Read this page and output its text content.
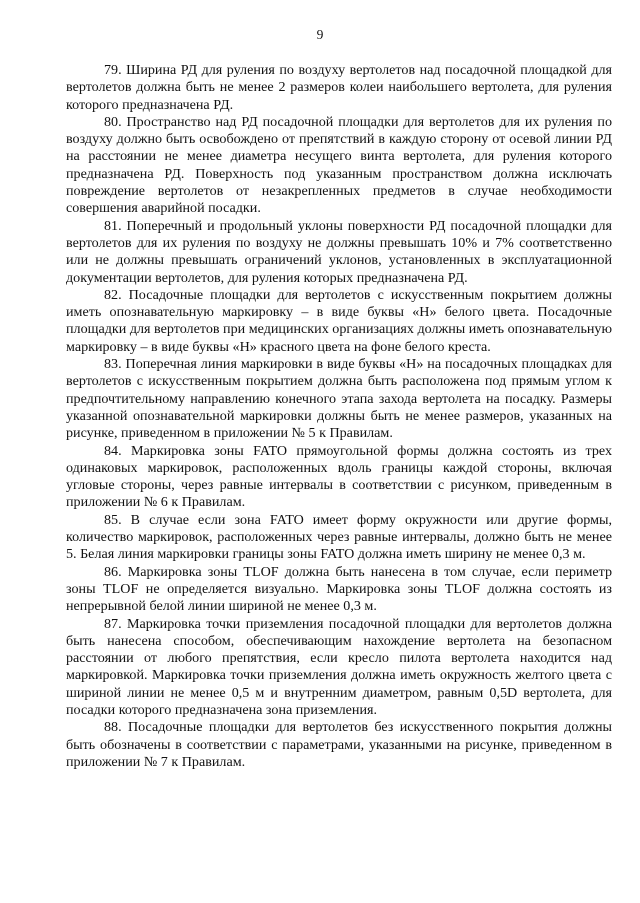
9

79. Ширина РД для руления по воздуху вертолетов над посадочной площадкой для вертолетов должна быть не менее 2 размеров колеи наибольшего вертолета, для руления которого предназначена РД.

80. Пространство над РД посадочной площадки для вертолетов для их руления по воздуху должно быть освобождено от препятствий в каждую сторону от осевой линии РД на расстоянии не менее диаметра несущего винта вертолета, для руления которого предназначена РД. Поверхность под указанным пространством должна исключать повреждение вертолетов от незакрепленных предметов в случае необходимости совершения аварийной посадки.

81. Поперечный и продольный уклоны поверхности РД посадочной площадки для вертолетов для их руления по воздуху не должны превышать 10% и 7% соответственно или не должны превышать ограничений уклонов, установленных в эксплуатационной документации вертолетов, для руления которых предназначена РД.

82. Посадочные площадки для вертолетов с искусственным покрытием должны иметь опознавательную маркировку – в виде буквы «Н» белого цвета. Посадочные площадки для вертолетов при медицинских организациях должны иметь опознавательную маркировку – в виде буквы «Н» красного цвета на фоне белого креста.

83. Поперечная линия маркировки в виде буквы «Н» на посадочных площадках для вертолетов с искусственным покрытием должна быть расположена под прямым углом к предпочтительному направлению конечного этапа захода вертолета на посадку. Размеры указанной опознавательной маркировки должны быть не менее размеров, указанных на рисунке, приведенном в приложении № 5 к Правилам.

84. Маркировка зоны FATO прямоугольной формы должна состоять из трех одинаковых маркировок, расположенных вдоль границы каждой стороны, включая угловые стороны, через равные интервалы в соответствии с рисунком, приведенным в приложении № 6 к Правилам.

85. В случае если зона FATO имеет форму окружности или другие формы, количество маркировок, расположенных через равные интервалы, должно быть не менее 5. Белая линия маркировки границы зоны FATO должна иметь ширину не менее 0,3 м.

86. Маркировка зоны TLOF должна быть нанесена в том случае, если периметр зоны TLOF не определяется визуально. Маркировка зоны TLOF должна состоять из непрерывной белой линии шириной не менее 0,3 м.

87. Маркировка точки приземления посадочной площадки для вертолетов должна быть нанесена способом, обеспечивающим нахождение вертолета на безопасном расстоянии от любого препятствия, если кресло пилота вертолета находится над маркировкой. Маркировка точки приземления должна иметь окружность желтого цвета с шириной линии не менее 0,5 м и внутренним диаметром, равным 0,5D вертолета, для посадки которого предназначена зона приземления.

88. Посадочные площадки для вертолетов без искусственного покрытия должны быть обозначены в соответствии с параметрами, указанными на рисунке, приведенном в приложении № 7 к Правилам.
